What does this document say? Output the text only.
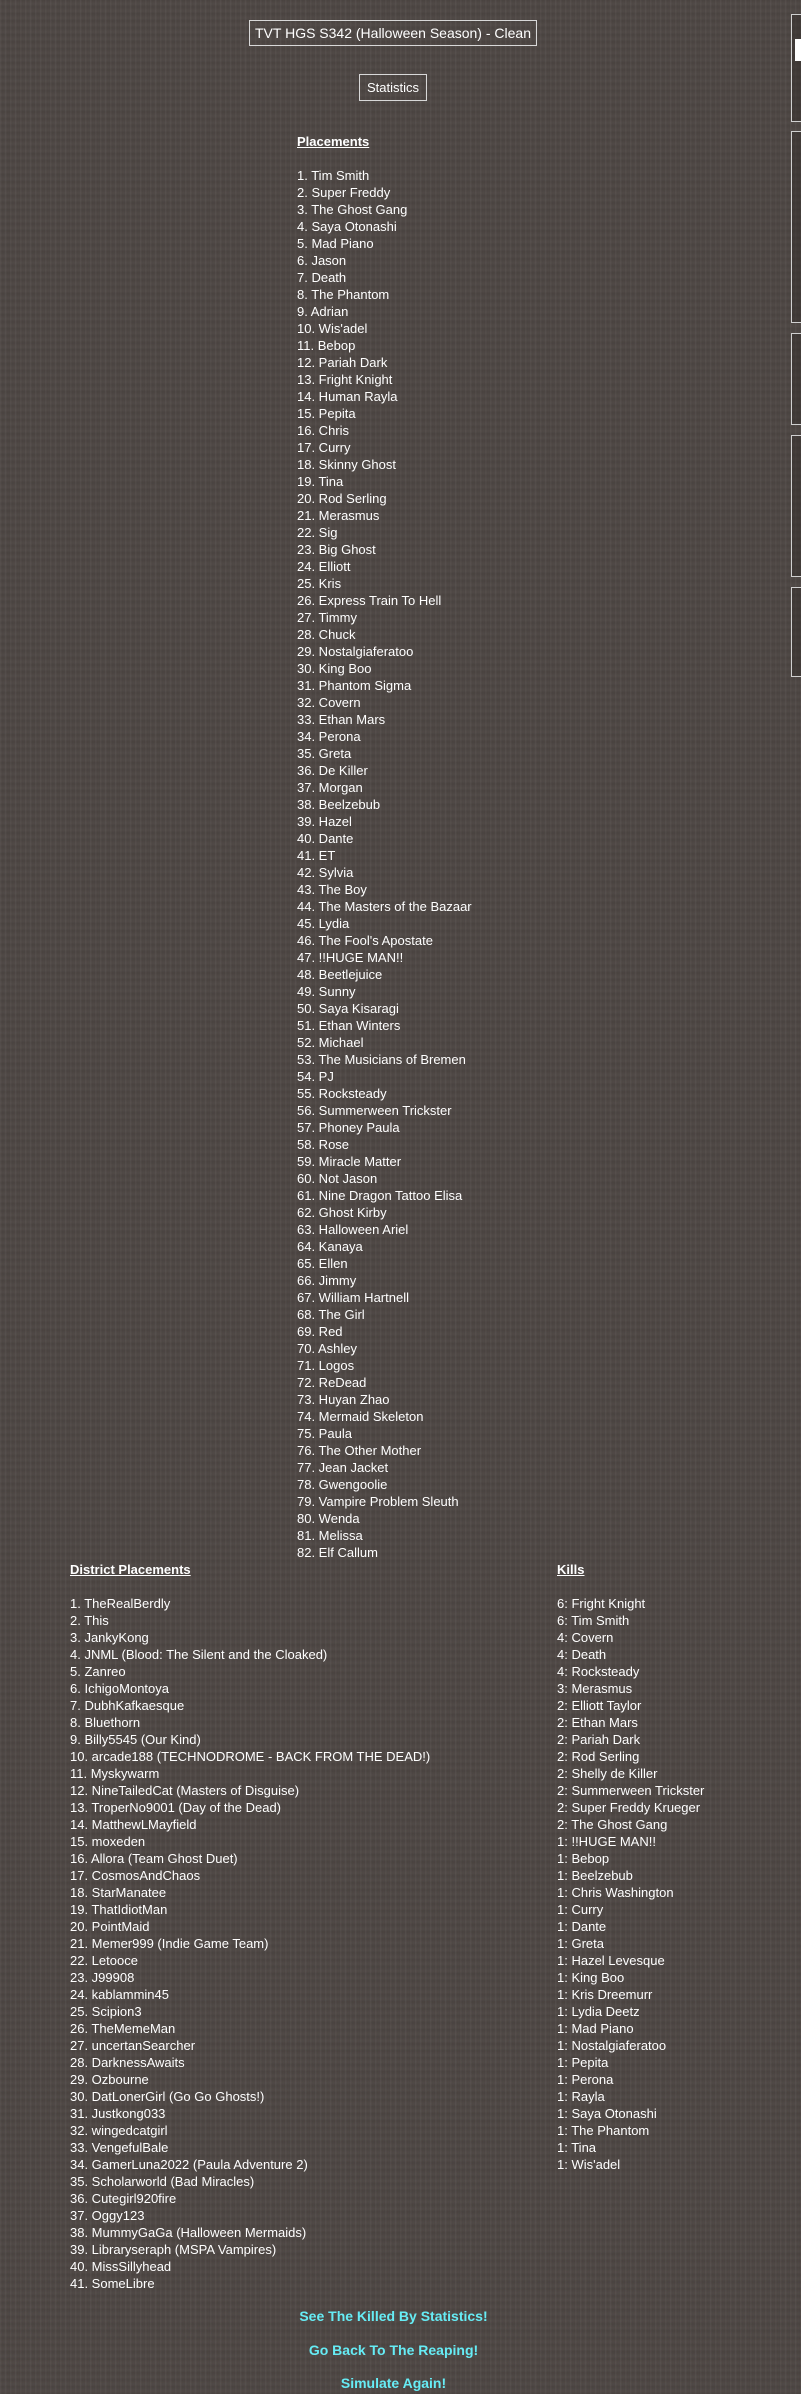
TVT HGS S342 (Halloween Season) - Clean
Statistics
Placements
1. Tim Smith
2. Super Freddy
3. The Ghost Gang
4. Saya Otonashi
5. Mad Piano
6. Jason
7. Death
8. The Phantom
9. Adrian
10. Wis'adel
11. Bebop
12. Pariah Dark
13. Fright Knight
14. Human Rayla
15. Pepita
16. Chris
17. Curry
18. Skinny Ghost
19. Tina
20. Rod Serling
21. Merasmus
22. Sig
23. Big Ghost
24. Elliott
25. Kris
26. Express Train To Hell
27. Timmy
28. Chuck
29. Nostalgiaferatoo
30. King Boo
31. Phantom Sigma
32. Covern
33. Ethan Mars
34. Perona
35. Greta
36. De Killer
37. Morgan
38. Beelzebub
39. Hazel
40. Dante
41. ET
42. Sylvia
43. The Boy
44. The Masters of the Bazaar
45. Lydia
46. The Fool's Apostate
47. !!HUGE MAN!!
48. Beetlejuice
49. Sunny
50. Saya Kisaragi
51. Ethan Winters
52. Michael
53. The Musicians of Bremen
54. PJ
55. Rocksteady
56. Summerween Trickster
57. Phoney Paula
58. Rose
59. Miracle Matter
60. Not Jason
61. Nine Dragon Tattoo Elisa
62. Ghost Kirby
63. Halloween Ariel
64. Kanaya
65. Ellen
66. Jimmy
67. William Hartnell
68. The Girl
69. Red
70. Ashley
71. Logos
72. ReDead
73. Huyan Zhao
74. Mermaid Skeleton
75. Paula
76. The Other Mother
77. Jean Jacket
78. Gwengoolie
79. Vampire Problem Sleuth
80. Wenda
81. Melissa
82. Elf Callum
District Placements
1. TheRealBerdly
2. This
3. JankyKong
4. JNML (Blood: The Silent and the Cloaked)
5. Zanreo
6. IchigoMontoya
7. DubhKafkaesque
8. Bluethorn
9. Billy5545 (Our Kind)
10. arcade188 (TECHNODROME - BACK FROM THE DEAD!)
11. Myskywarm
12. NineTailedCat (Masters of Disguise)
13. TroperNo9001 (Day of the Dead)
14. MatthewLMayfield
15. moxeden
16. Allora (Team Ghost Duet)
17. CosmosAndChaos
18. StarManatee
19. ThatIdiotMan
20. PointMaid
21. Memer999 (Indie Game Team)
22. Letooce
23. J99908
24. kablammin45
25. Scipion3
26. TheMemeMan
27. uncertanSearcher
28. DarknessAwaits
29. Ozbourne
30. DatLonerGirl (Go Go Ghosts!)
31. Justkong033
32. wingedcatgirl
33. VengefulBale
34. GamerLuna2022 (Paula Adventure 2)
35. Scholarworld (Bad Miracles)
36. Cutegirl920fire
37. Oggy123
38. MummyGaGa (Halloween Mermaids)
39. Libraryseraph (MSPA Vampires)
40. MissSillyhead
41. SomeLibre
Kills
6: Fright Knight
6: Tim Smith
4: Covern
4: Death
4: Rocksteady
3: Merasmus
2: Elliott Taylor
2: Ethan Mars
2: Pariah Dark
2: Rod Serling
2: Shelly de Killer
2: Summerween Trickster
2: Super Freddy Krueger
2: The Ghost Gang
1: !!HUGE MAN!!
1: Bebop
1: Beelzebub
1: Chris Washington
1: Curry
1: Dante
1: Greta
1: Hazel Levesque
1: King Boo
1: Kris Dreemurr
1: Lydia Deetz
1: Mad Piano
1: Nostalgiaferatoo
1: Pepita
1: Perona
1: Rayla
1: Saya Otonashi
1: The Phantom
1: Tina
1: Wis'adel
See The Killed By Statistics!
Go Back To The Reaping!
Simulate Again!
